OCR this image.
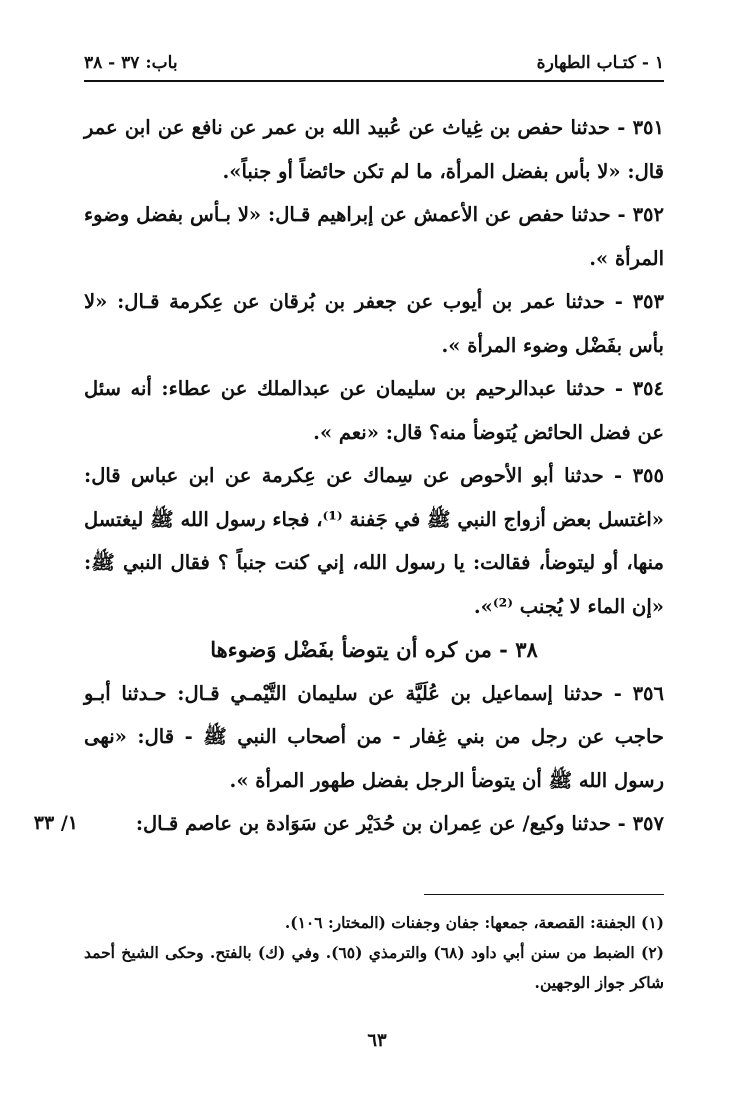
١ - كتـاب الطهارة
باب: ٣٧ - ٣٨

٣٥١ - حدثنا حفص بن غِياث عن عُبيد الله بن عمر عن نافع عن ابن عمر قال: «لا بأس بفضل المرأة، ما لم تكن حائضاً أو جنباً».

٣٥٢ - حدثنا حفص عن الأعمش عن إبراهيم قـال: «لا بـأس بفضل وضوء المرأة ».

٣٥٣ - حدثنا عمر بن أيوب عن جعفر بن بُرقان عن عِكرمة قـال: «لا بأس بفَضْل وضوء المرأة ».

٣٥٤ - حدثنا عبدالرحيم بن سليمان عن عبدالملك عن عطاء: أنه سئل عن فضل الحائض يُتوضأ منه؟ قال: «نعم ».

٣٥٥ - حدثنا أبو الأحوص عن سِماك عن عِكرمة عن ابن عباس قال: «اغتسل بعض أزواج النبي ﷺ في جَفنة ⁽¹⁾، فجاء رسول الله ﷺ ليغتسل منها، أو ليتوضأ، فقالت: يا رسول الله، إني كنت جنباً ؟ فقال النبي ﷺ: «إن الماء لا يُجنب ⁽²⁾».

٣٨ - من كره أن يتوضأ بفَضْل وَضوءها

٣٥٦ - حدثنا إسماعيل بن عُلَيَّة عن سليمان التَّيْمـي قـال: حـدثنا أبـو حاجب عن رجل من بني غِفار - من أصحاب النبي ﷺ - قال: «نهى رسول الله ﷺ أن يتوضأ الرجل بفضل طهور المرأة ».

٣٥٧ - حدثنا وكيع/ عن عِمران بن حُدَيْر عن سَوَادة بن عاصم قـال:

١/ ٣٣

(١) الجفنة: القصعة، جمعها: جفان وجفنات (المختار: ١٠٦).

(٢) الضبط من سنن أبي داود (٦٨) والترمذي (٦٥). وفي (ك) بالفتح. وحكى الشيخ أحمد شاكر جواز الوجهين.

٦٣
